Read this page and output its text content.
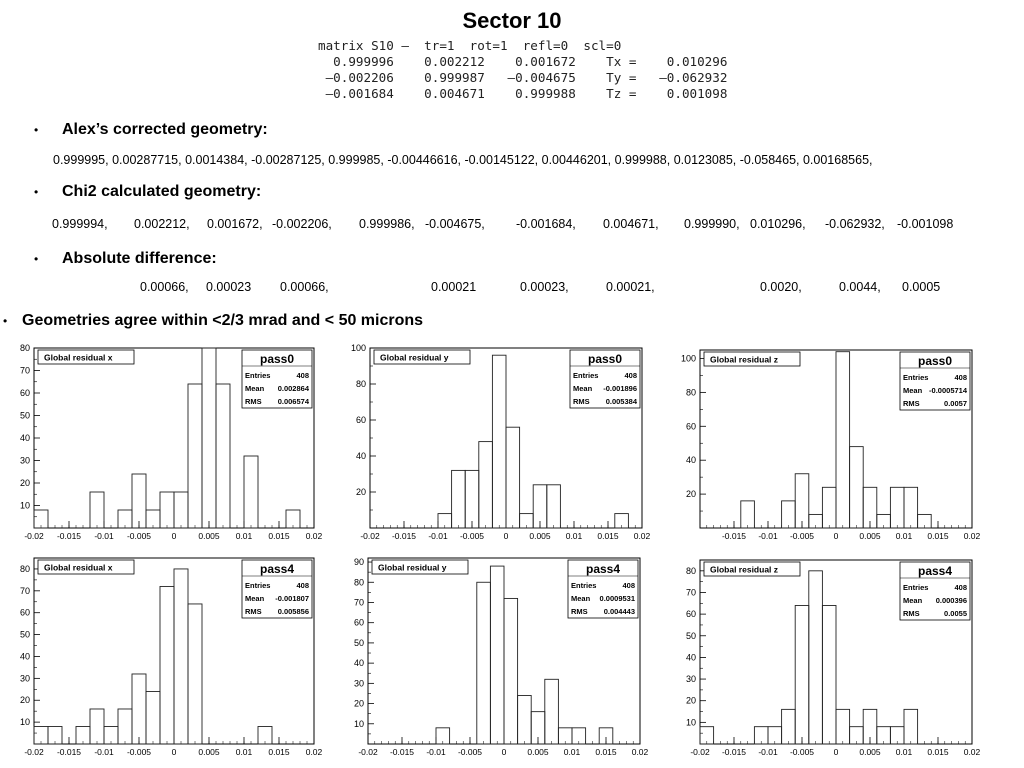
Sector 10
matrix S10 –  tr=1  rot=1  refl=0  scl=0
0.999996    0.002212    0.001672    Tx =    0.010296
–0.002206    0.999987   –0.004675    Ty =   –0.062932
–0.001684    0.004671    0.999988    Tz =    0.001098
• Alex’s corrected geometry:
0.999995, 0.00287715, 0.0014384, -0.00287125, 0.999985, -0.00446616, -0.00145122, 0.00446201, 0.999988, 0.0123085, -0.058465, 0.00168565,
• Chi2 calculated geometry:
0.999994, 0.002212, 0.001672, -0.002206, 0.999986, -0.004675, -0.001684, 0.004671, 0.999990, 0.010296, -0.062932, -0.001098
• Absolute difference:
0.00066, 0.00023 0.00066,	0.00021	0.00023,	0.00021,	0.0020,	0.0044, 0.0005
• Geometries agree within <2/3 mrad and < 50 microns
10
20
30
40
50
60
70
80
-0.02 -0.015 -0.01 -0.005 0	0.005 0.01 0.015 0.02
Global residual x	pass0
Entries	408
Mean 0.002864
RMS 0.006574
20
40
60
80
100
-0.02 -0.015 -0.01 -0.005 0 0.005 0.01 0.015 0.02
Global residual y	pass0
Entries	408
Mean -0.001896
RMS 0.005384
20
40
60
80
100
-0.015 -0.01 -0.005 0 0.005 0.01 0.015 0.02
Global residual z	pass0
Entries	408
Mean -0.0005714
RMS	0.0057
10
20
30
40
50
60
70
80
-0.02 -0.015 -0.01 -0.005 0	0.005 0.01 0.015 0.02
Global residual x	pass4
Entries	408
Mean -0.001807
RMS 0.005856
10
20
30
40
50
60
70
80
90
-0.02 -0.015 -0.01 -0.005 0 0.005 0.01 0.015 0.02
Global residual y	pass4
Entries	408
Mean 0.0009531
RMS 0.004443
10
20
30
40
50
60
70
80
-0.02 -0.015 -0.01 -0.005 0 0.005 0.01 0.015 0.02
Global residual z	pass4
Entries	408
Mean 0.000396
RMS	0.0055
